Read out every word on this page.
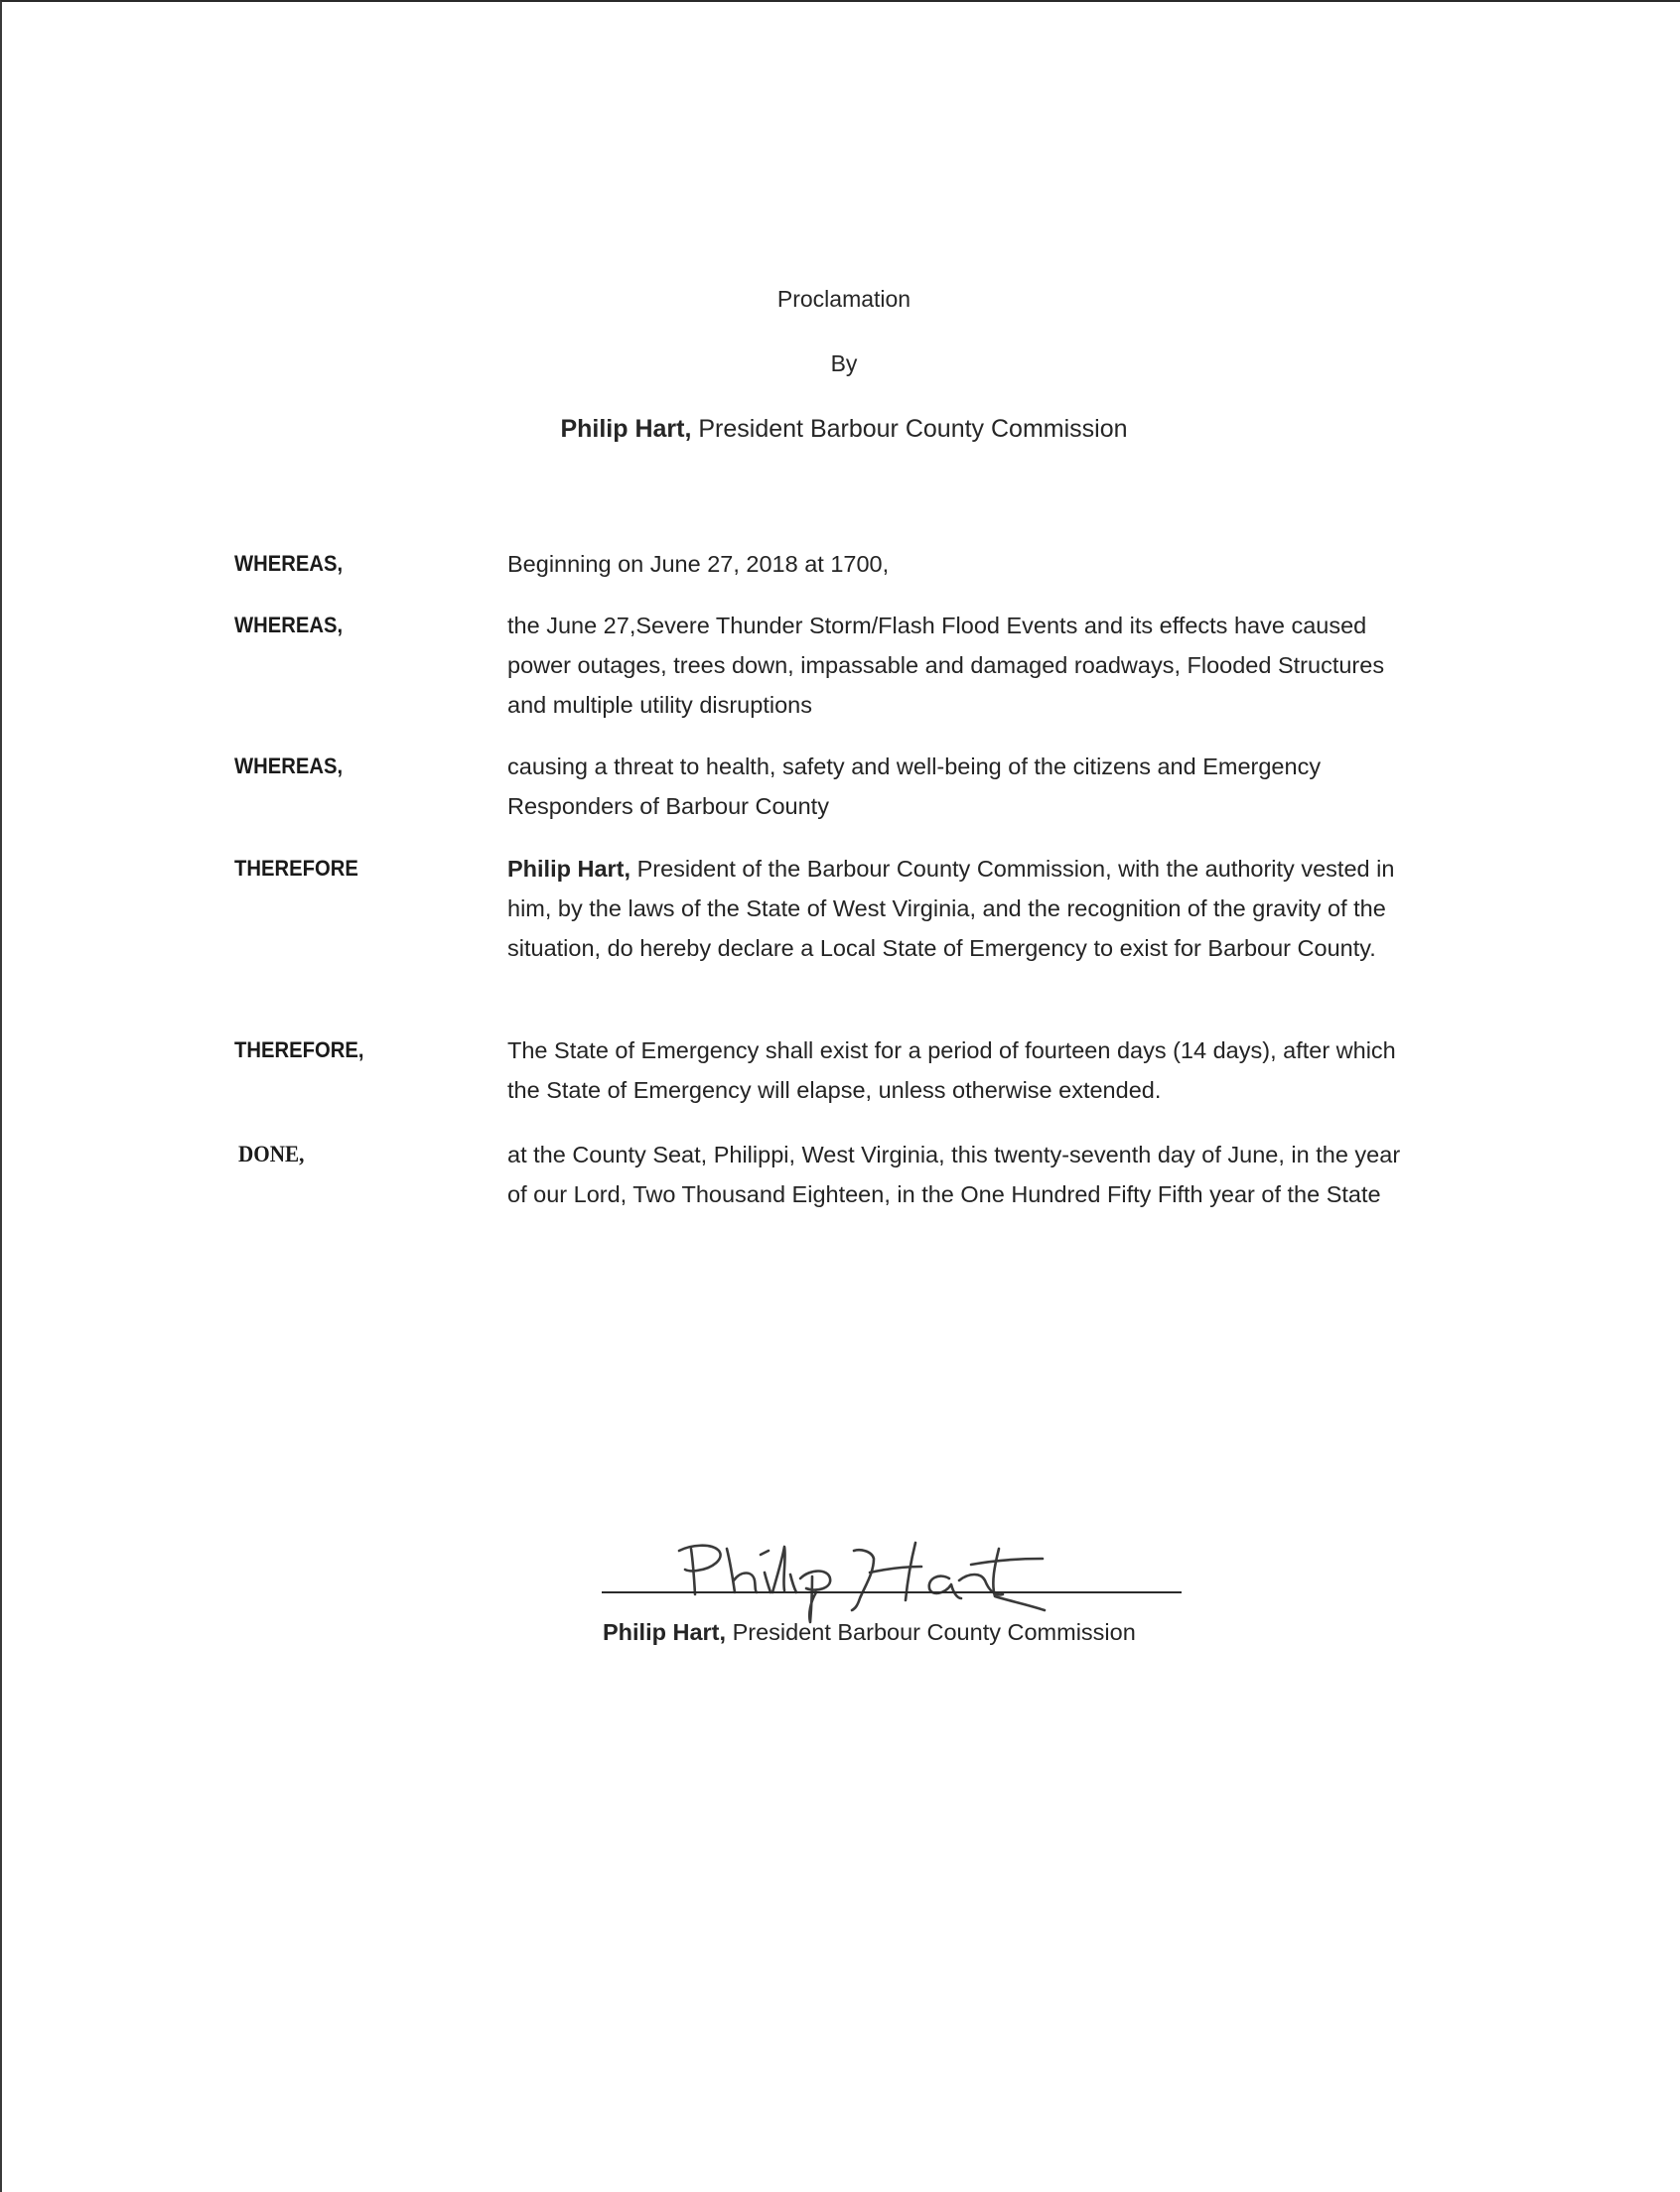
Proclamation
By
Philip Hart, President Barbour County Commission
WHEREAS,	Beginning on June 27, 2018 at 1700,
WHEREAS,	the June 27,Severe Thunder Storm/Flash Flood Events and its effects have caused power outages, trees down, impassable and damaged roadways, Flooded Structures and multiple utility disruptions
WHEREAS,	causing a threat to health, safety and well-being of the citizens and Emergency Responders of Barbour County
THEREFORE	Philip Hart, President of the Barbour County Commission, with the authority vested in him, by the laws of the State of West Virginia, and the recognition of the gravity of the situation, do hereby declare a Local State of Emergency to exist for Barbour County.
THEREFORE,	The State of Emergency shall exist for a period of fourteen days (14 days), after which the State of Emergency will elapse, unless otherwise extended.
DONE,	at the County Seat, Philippi, West Virginia, this twenty-seventh day of June, in the year of our Lord, Two Thousand Eighteen, in the One Hundred Fifty Fifth year of the State
Philip Hart, President Barbour County Commission
